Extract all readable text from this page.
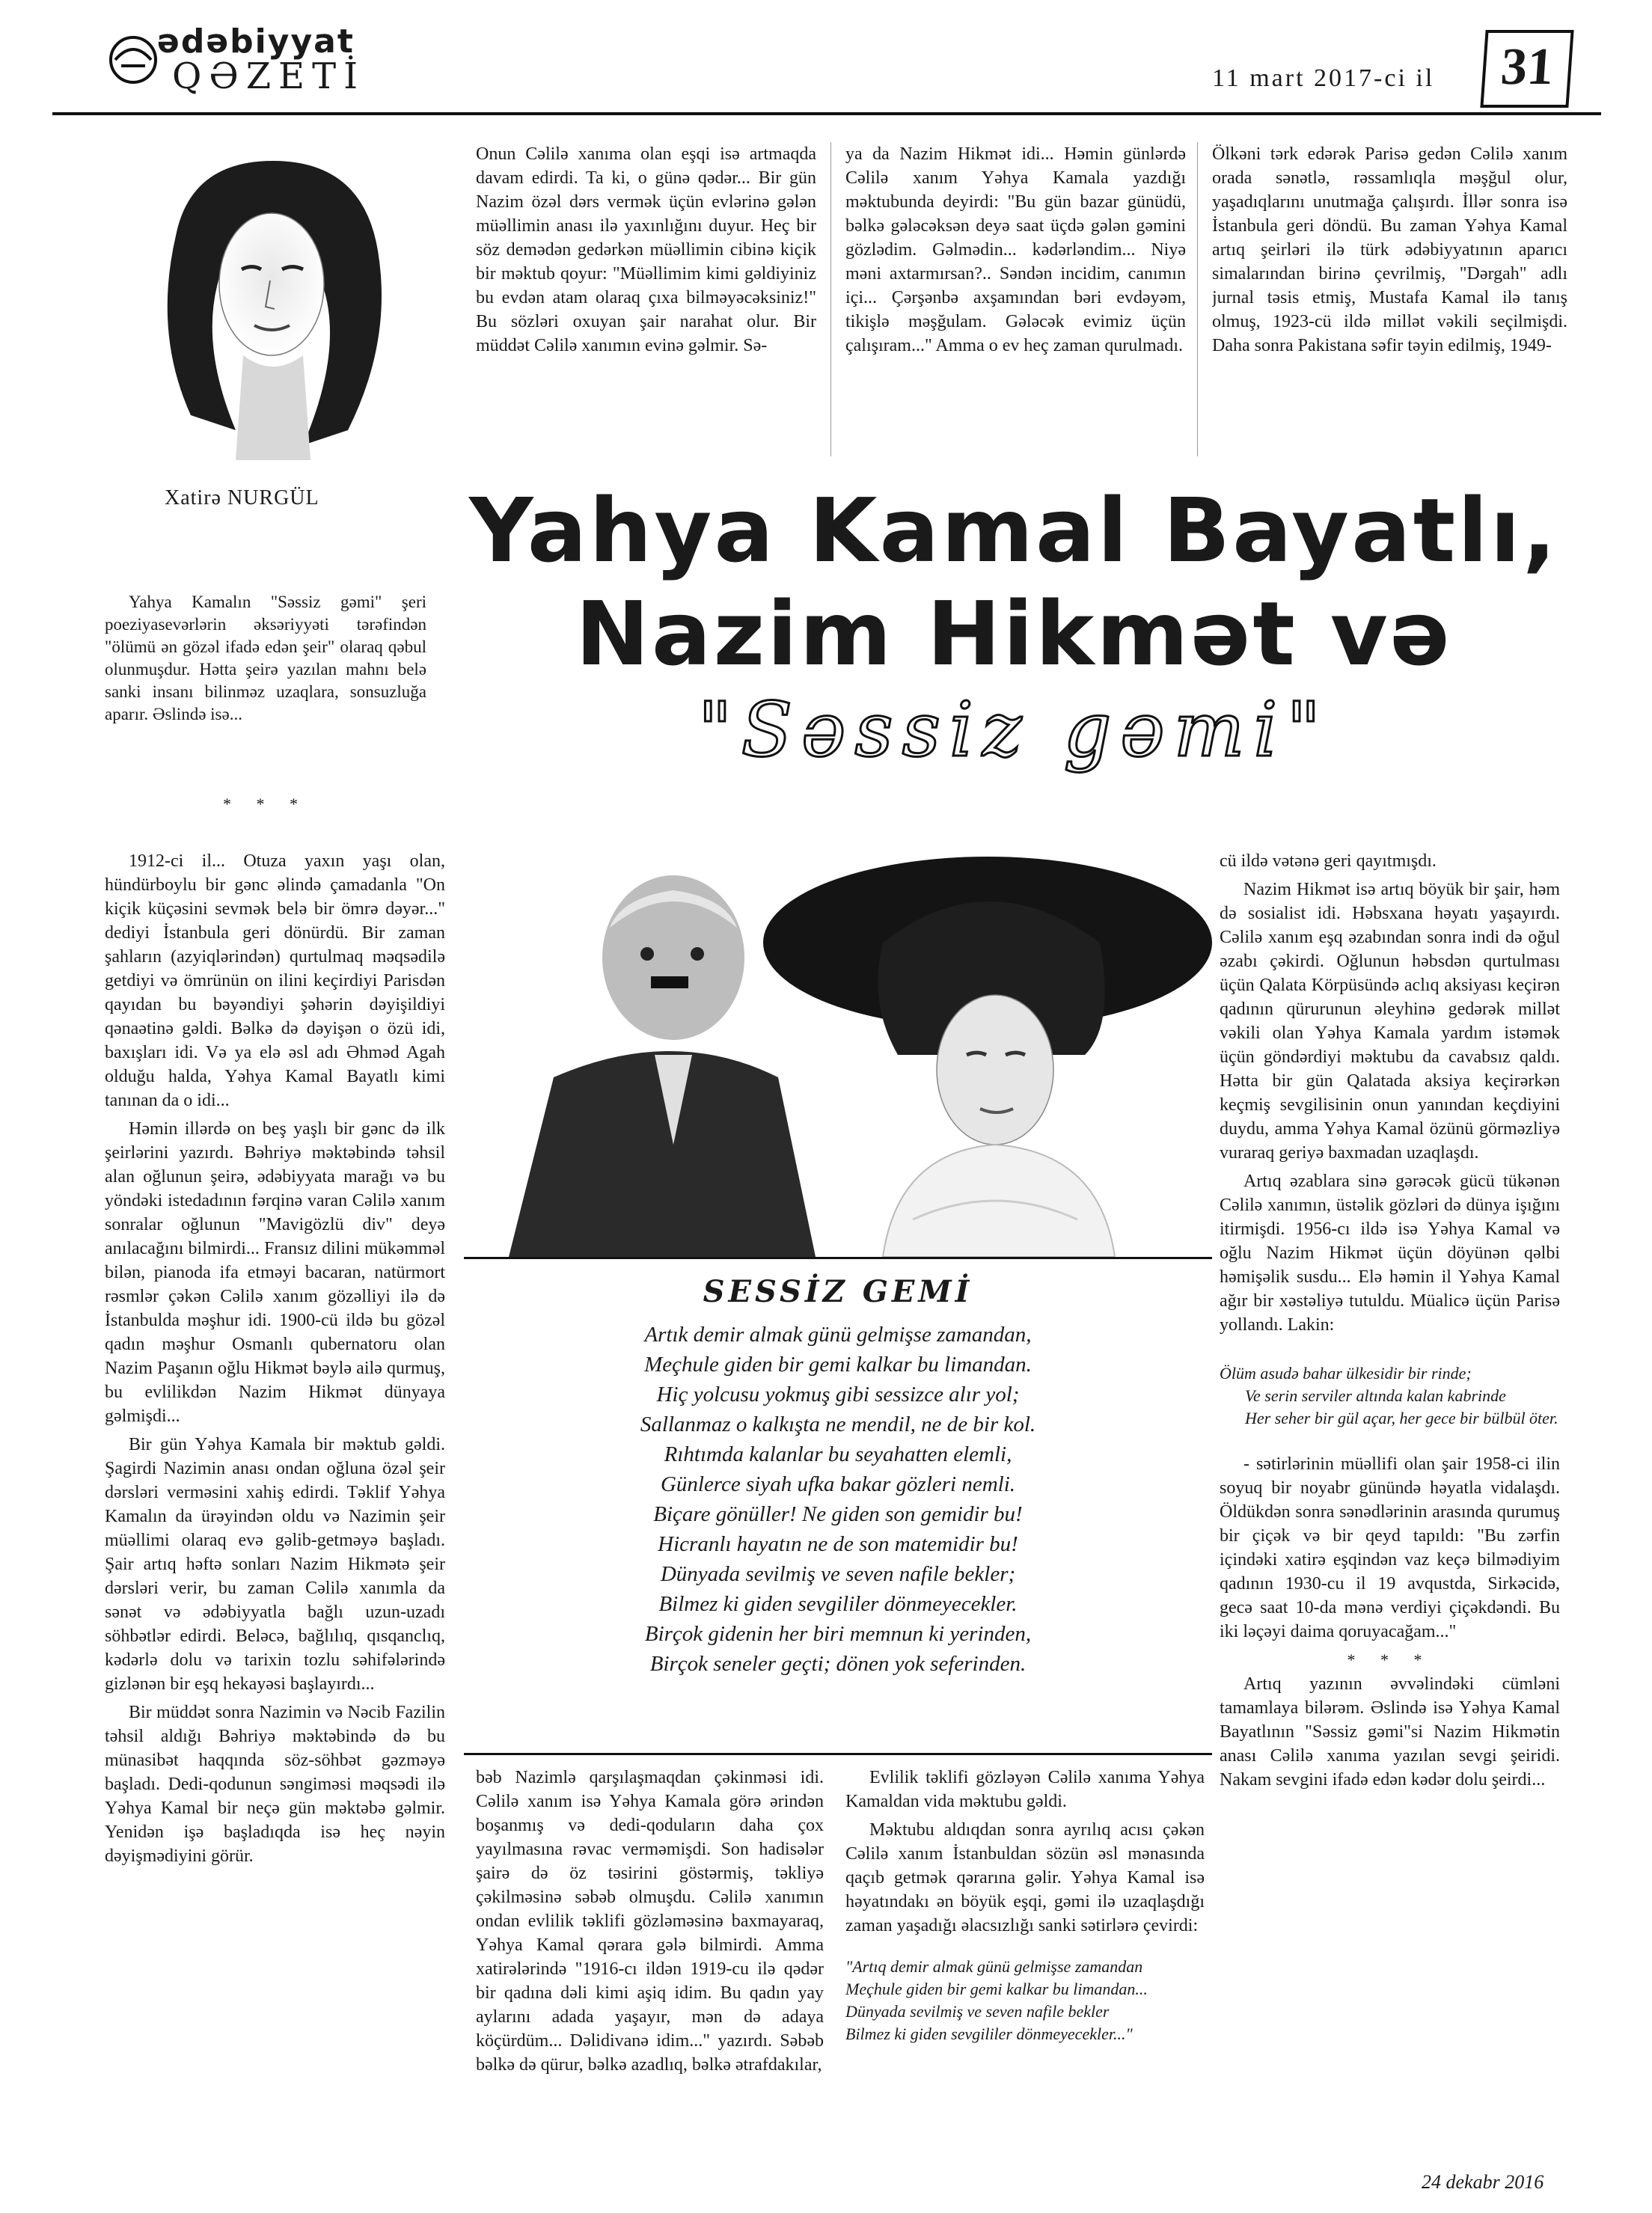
ədəbiyyat
QƏZETİ	11 mart 2017-ci il	31
Xatirə NURGÜL

Yahya Kamalın "Səssiz gəmi" şeri poeziyasevərlərin əksəriyyəti tərəfindən "ölümü ən gözəl ifadə edən şeir" olaraq qəbul olunmuşdur. Hətta şeirə yazılan mahnı belə sanki insanı bilinməz uzaqlara, sonsuzluğa aparır. Əslində isə...

* * *

Onun Cəlilə xanıma olan eşqi isə artmaqda davam edirdi. Ta ki, o günə qədər... Bir gün Nazim özəl dərs vermək üçün evlərinə gələn müəllimin anası ilə yaxınlığını duyur. Heç bir söz demədən gedərkən müəllimin cibinə kiçik bir məktub qoyur: "Müəllimim kimi gəldiyiniz bu evdən atam olaraq çıxa bilməyəcəksiniz!" Bu sözləri oxuyan şair narahat olur. Bir müddət Cəlilə xanımın evinə gəlmir. Sə-

ya da Nazim Hikmət idi... Həmin günlərdə Cəlilə xanım Yəhya Kamala yazdığı məktubunda deyirdi: "Bu gün bazar günüdü, bəlkə gələcəksən deyə saat üçdə gələn gəmini gözlədim. Gəlmədin... kədərləndim... Niyə məni axtarmırsan?.. Səndən incidim, canımın içi... Çərşənbə axşamından bəri evdəyəm, tikişlə məşğulam. Gələcək evimiz üçün çalışıram..." Amma o ev heç zaman qurulmadı.

Ölkəni tərk edərək Parisə gedən Cəlilə xanım orada sənətlə, rəssamlıqla məşğul olur, yaşadıqlarını unutmağa çalışırdı. İllər sonra isə İstanbula geri döndü. Bu zaman Yəhya Kamal artıq şeirləri ilə türk ədəbiyyatının aparıcı simalarından birinə çevrilmiş, "Dərgah" adlı jurnal təsis etmiş, Mustafa Kamal ilə tanış olmuş, 1923-cü ildə millət vəkili seçilmişdi. Daha sonra Pakistana səfir təyin edilmiş, 1949-

Yahya Kamal Bayatlı,
Nazim Hikmət və
"Səssiz gəmi"

1912-ci il... Otuza yaxın yaşı olan, hündürboylu bir gənc əlində çamadanla "On kiçik küçəsini sevmək belə bir ömrə dəyər..." dediyi İstanbula geri dönürdü. Bir zaman şahların (azyiqlərindən) qurtulmaq məqsədilə getdiyi və ömrünün on ilini keçirdiyi Parisdən qayıdan bu bəyəndiyi şəhərin dəyişildiyi qənaətinə gəldi. Bəlkə də dəyişən o özü idi, baxışları idi. Və ya elə əsl adı Əhməd Agah olduğu halda, Yəhya Kamal Bayatlı kimi tanınan da o idi...

Həmin illərdə on beş yaşlı bir gənc də ilk şeirlərini yazırdı. Bəhriyə məktəbində təhsil alan oğlunun şeirə, ədəbiyyata marağı və bu yöndəki istedadının fərqinə varan Cəlilə xanım sonralar oğlunun "Mavigözlü div" deyə anılacağını bilmirdi... Fransız dilini mükəmməl bilən, pianoda ifa etməyi bacaran, natürmort rəsmlər çəkən Cəlilə xanım gözəlliyi ilə də İstanbulda məşhur idi. 1900-cü ildə bu gözəl qadın məşhur Osmanlı qubernatoru olan Nazim Paşanın oğlu Hikmət bəylə ailə qurmuş, bu evlilikdən Nazim Hikmət dünyaya gəlmişdi...

Bir gün Yəhya Kamala bir məktub gəldi. Şagirdi Nazimin anası ondan oğluna özəl şeir dərsləri verməsini xahiş edirdi. Təklif Yəhya Kamalın da ürəyindən oldu və Nazimin şeir müəllimi olaraq evə gəlib-getməyə başladı. Şair artıq həftə sonları Nazim Hikmətə şeir dərsləri verir, bu zaman Cəlilə xanımla da sənət və ədəbiyyatla bağlı uzun-uzadı söhbətlər edirdi. Beləcə, bağlılıq, qısqanclıq, kədərlə dolu və tarixin tozlu səhifələrində gizlənən bir eşq hekayəsi başlayırdı...

Bir müddət sonra Nazimin və Nəcib Fazilin təhsil aldığı Bəhriyə məktəbində də bu münasibət haqqında söz-söhbət gəzməyə başladı. Dedi-qodunun səngiməsi məqsədi ilə Yəhya Kamal bir neçə gün məktəbə gəlmir. Yenidən işə başladıqda isə heç nəyin dəyişmədiyini görür.

SESSİZ GEMİ
Artık demir almak günü gelmişse zamandan,
Meçhule giden bir gemi kalkar bu limandan.
Hiç yolcusu yokmuş gibi sessizce alır yol;
Sallanmaz o kalkışta ne mendil, ne de bir kol.
Rıhtımda kalanlar bu seyahatten elemli,
Günlerce siyah ufka bakar gözleri nemli.
Biçare gönüller! Ne giden son gemidir bu!
Hicranlı hayatın ne de son matemidir bu!
Dünyada sevilmiş ve seven nafile bekler;
Bilmez ki giden sevgililer dönmeyecekler.
Birçok gidenin her biri memnun ki yerinden,
Birçok seneler geçti; dönen yok seferinden.

cü ildə vətənə geri qayıtmışdı.

Nazim Hikmət isə artıq böyük bir şair, həm də sosialist idi. Həbsxana həyatı yaşayırdı. Cəlilə xanım eşq əzabından sonra indi də oğul əzabı çəkirdi. Oğlunun həbsdən qurtulması üçün Qalata Körpüsündə aclıq aksiyası keçirən qadının qürurunun əleyhinə gedərək millət vəkili olan Yəhya Kamala yardım istəmək üçün göndərdiyi məktubu da cavabsız qaldı. Hətta bir gün Qalatada aksiya keçirərkən keçmiş sevgilisinin onun yanından keçdiyini duydu, amma Yəhya Kamal özünü görməzliyə vuraraq geriyə baxmadan uzaqlaşdı.

Artıq əzablara sinə gərəcək gücü tükənən Cəlilə xanımın, üstəlik gözləri də dünya işığını itirmişdi. 1956-cı ildə isə Yəhya Kamal və oğlu Nazim Hikmət üçün döyünən qəlbi həmişəlik susdu... Elə həmin il Yəhya Kamal ağır bir xəstəliyə tutuldu. Müalicə üçün Parisə yollandı. Lakin:

Ölüm asudə bahar ülkesidir bir rinde;
Ve serin serviler altında kalan kabrinde
Her seher bir gül açar, her gece bir bülbül öter.

- sətirlərinin müəllifi olan şair 1958-ci ilin soyuq bir noyabr günündə həyatla vidalaşdı. Öldükdən sonra sənədlərinin arasında qurumuş bir çiçək və bir qeyd tapıldı: "Bu zərfin içindəki xatirə eşqindən vaz keçə bilmədiyim qadının 1930-cu il 19 avqustda, Sirkəcidə, gecə saat 10-da mənə verdiyi çiçəkdəndi. Bu iki ləçəyi daima qoruyacağam..."

* * *

Artıq yazının əvvəlindəki cümləni tamamlaya bilərəm. Əslində isə Yəhya Kamal Bayatlının "Səssiz gəmi"si Nazim Hikmətin anası Cəlilə xanıma yazılan sevgi şeiridi. Nakam sevgini ifadə edən kədər dolu şeirdi...

bəb Nazimlə qarşılaşmaqdan çəkinməsi idi. Cəlilə xanım isə Yəhya Kamala görə ərindən boşanmış və dedi-qoduların daha çox yayılmasına rəvac verməmişdi. Son hadisələr şairə də öz təsirini göstərmiş, təkliyə çəkilməsinə səbəb olmuşdu. Cəlilə xanımın ondan evlilik təklifi gözləməsinə baxmayaraq, Yəhya Kamal qərara gələ bilmirdi. Amma xatirələrində "1916-cı ildən 1919-cu ilə qədər bir qadına dəli kimi aşiq idim. Bu qadın yay aylarını adada yaşayır, mən də adaya köçürdüm... Dəlidivanə idim..." yazırdı. Səbəb bəlkə də qürur, bəlkə azadlıq, bəlkə ətrafdakılar,

Evlilik təklifi gözləyən Cəlilə xanıma Yəhya Kamaldan vida məktubu gəldi.

Məktubu aldıqdan sonra ayrılıq acısı çəkən Cəlilə xanım İstanbuldan sözün əsl mənasında qaçıb getmək qərarına gəlir. Yəhya Kamal isə həyatındakı ən böyük eşqi, gəmi ilə uzaqlaşdığı zaman yaşadığı əlacsızlığı sanki sətirlərə çevirdi:

"Artıq demir almak günü gelmişse zamandan
Meçhule giden bir gemi kalkar bu limandan...
Dünyada sevilmiş ve seven nafile bekler
Bilmez ki giden sevgililer dönmeyecekler..."
24 dekabr 2016
